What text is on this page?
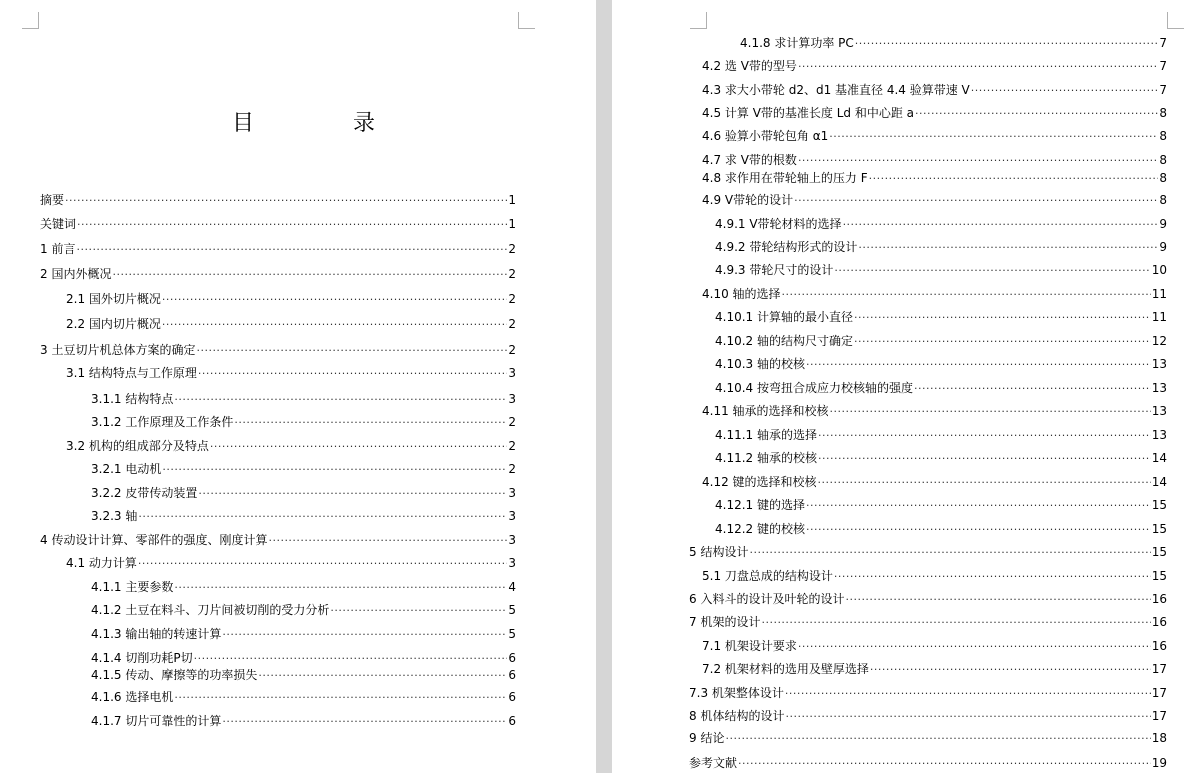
目 录
摘要 ·····	1
关键词 ·····	1
1 前言 ·····	2
2 国内外概况 ·····	2
2.1 国外切片概况 ·····	2
2.2 国内切片概况 ·····	2
3 土豆切片机总体方案的确定 ·····	2
3.1 结构特点与工作原理 ·····	3
3.1.1 结构特点 ·····	3
3.1.2 工作原理及工作条件 ·····	2
3.2 机构的组成部分及特点 ·····	2
3.2.1 电动机 ·····	2
3.2.2 皮带传动装置 ·····	3
3.2.3 轴 ·····	3
4 传动设计计算、零部件的强度、刚度计算 ·····	3
4.1 动力计算 ·····	3
4.1.1 主要参数 ·····	4
4.1.2 土豆在料斗、刀片间被切削的受力分析 ·····	5
4.1.3 输出轴的转速计算 ·····	5
4.1.4 切削功耗P切 ·····	6
4.1.5 传动、摩擦等的功率损失 ·····	6
4.1.6 选择电机 ·····	6
4.1.7 切片可靠性的计算 ·····	6
4.1.8 求计算功率 PC ·····	7
4.2 选 V带的型号 ·····	7
4.3 求大小带轮 d2、d1 基准直径 4.4 验算带速 V ·····	7
4.5 计算 V带的基准长度 Ld 和中心距 a ·····	8
4.6 验算小带轮包角 α1 ·····	8
4.7 求 V带的根数 ·····	8
4.8 求作用在带轮轴上的压力 F ·····	8
4.9 V带轮的设计 ·····	8
4.9.1 V带轮材料的选择 ·····	9
4.9.2 带轮结构形式的设计 ·····	9
4.9.3 带轮尺寸的设计 ·····	10
4.10 轴的选择 ·····	11
4.10.1 计算轴的最小直径 ·····	11
4.10.2 轴的结构尺寸确定 ·····	12
4.10.3 轴的校核 ·····	13
4.10.4 按弯扭合成应力校核轴的强度 ·····	13
4.11 轴承的选择和校核 ·····	13
4.11.1 轴承的选择 ·····	13
4.11.2 轴承的校核 ·····	14
4.12 键的选择和校核 ·····	14
4.12.1 键的选择 ·····	15
4.12.2 键的校核 ·····	15
5 结构设计 ·····	15
5.1 刀盘总成的结构设计 ·····	15
6 入料斗的设计及叶轮的设计 ·····	16
7 机架的设计 ·····	16
7.1 机架设计要求 ·····	16
7.2 机架材料的选用及壁厚选择 ·····	17
7.3 机架整体设计 ·····	17
8 机体结构的设计 ·····	17
9 结论 ·····	18
参考文献 ·····	19
